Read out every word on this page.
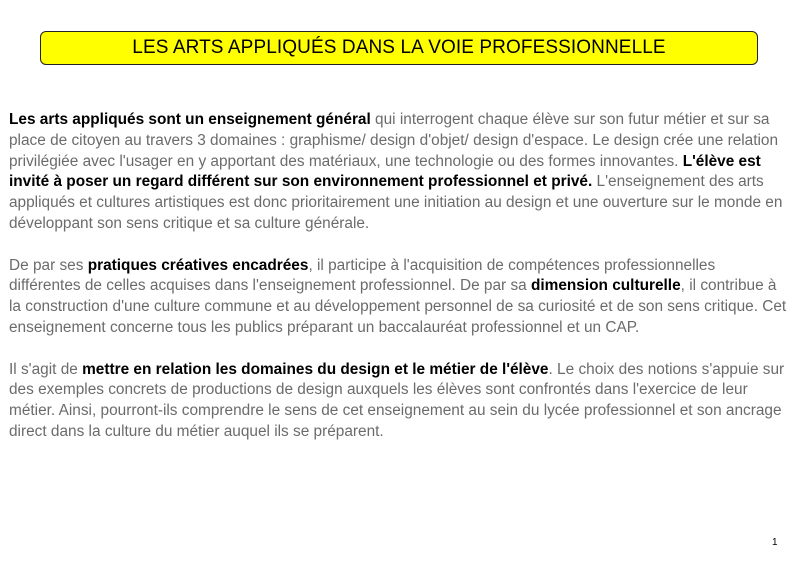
LES ARTS APPLIQUÉS DANS LA VOIE PROFESSIONNELLE

Les arts appliqués sont un enseignement général qui interrogent chaque élève sur son futur métier et sur sa place de citoyen au travers 3 domaines : graphisme/ design d'objet/ design d'espace. Le design crée une relation privilégiée avec l'usager en y apportant des matériaux, une technologie ou des formes innovantes. L'élève est invité à poser un regard différent sur son environnement professionnel et privé. L'enseignement des arts appliqués et cultures artistiques est donc prioritairement une initiation au design et une ouverture sur le monde en développant son sens critique et sa culture générale.

De par ses pratiques créatives encadrées, il participe à l'acquisition de compétences professionnelles différentes de celles acquises dans l'enseignement professionnel. De par sa dimension culturelle, il contribue à la construction d'une culture commune et au développement personnel de sa curiosité et de son sens critique. Cet enseignement concerne tous les publics préparant un baccalauréat professionnel et un CAP.

Il s'agit de mettre en relation les domaines du design et le métier de l'élève. Le choix des notions s'appuie sur des exemples concrets de productions de design auxquels les élèves sont confrontés dans l'exercice de leur métier. Ainsi, pourront-ils comprendre le sens de cet enseignement au sein du lycée professionnel et son ancrage direct dans la culture du métier auquel ils se préparent.

1
